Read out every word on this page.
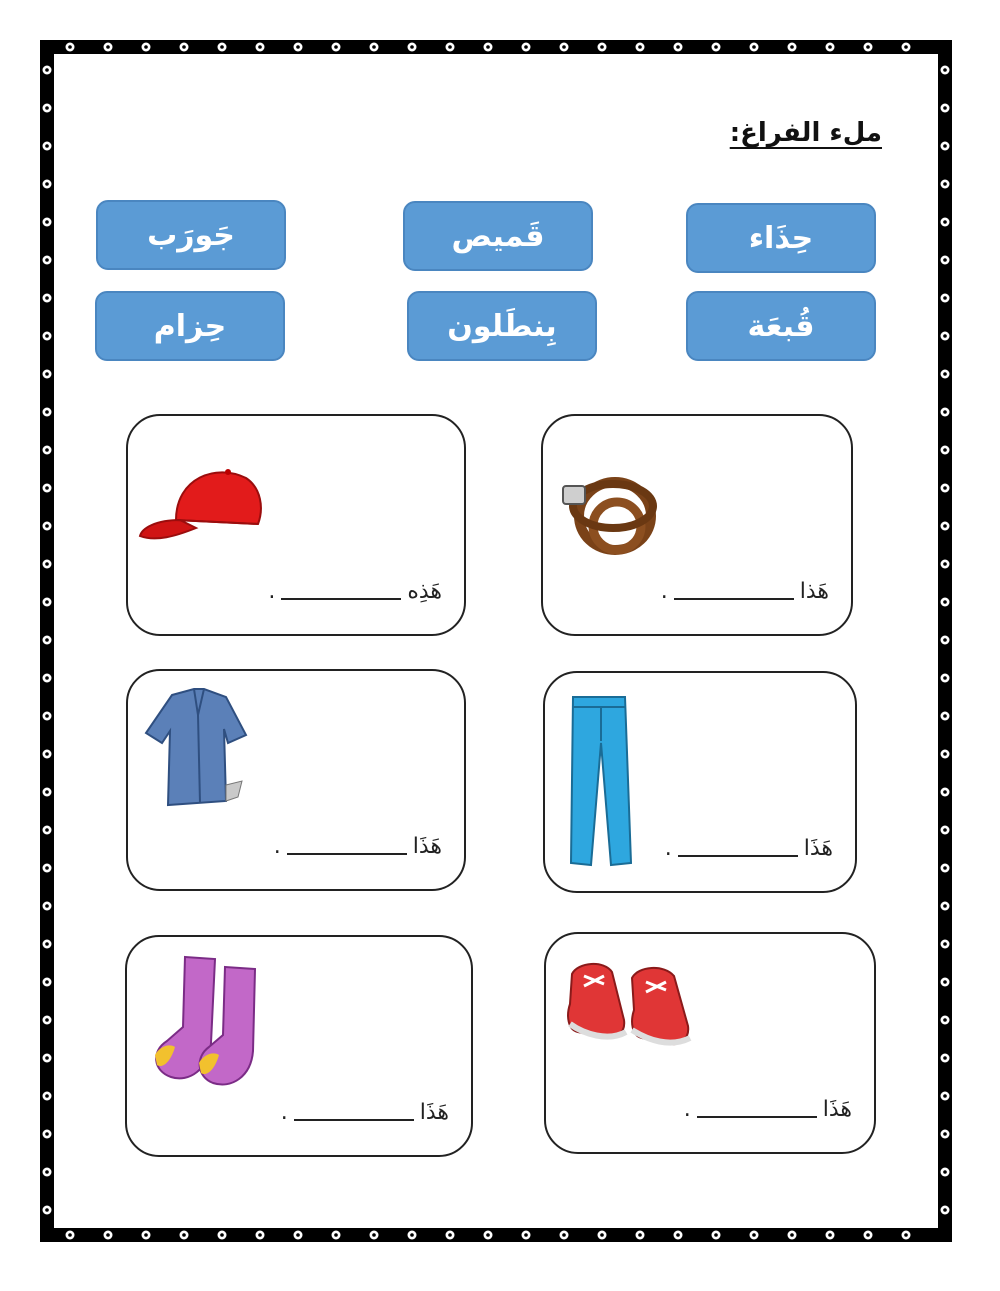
ملء الفراغ:
حِذَاء
قَميص
جَورَب
قُبعَة
بِنطَلون
حِزام
هَذِه
.	هَذا
.
هَذَا
.	هَذَا
.
هَذَا
.	هَذَا
.
